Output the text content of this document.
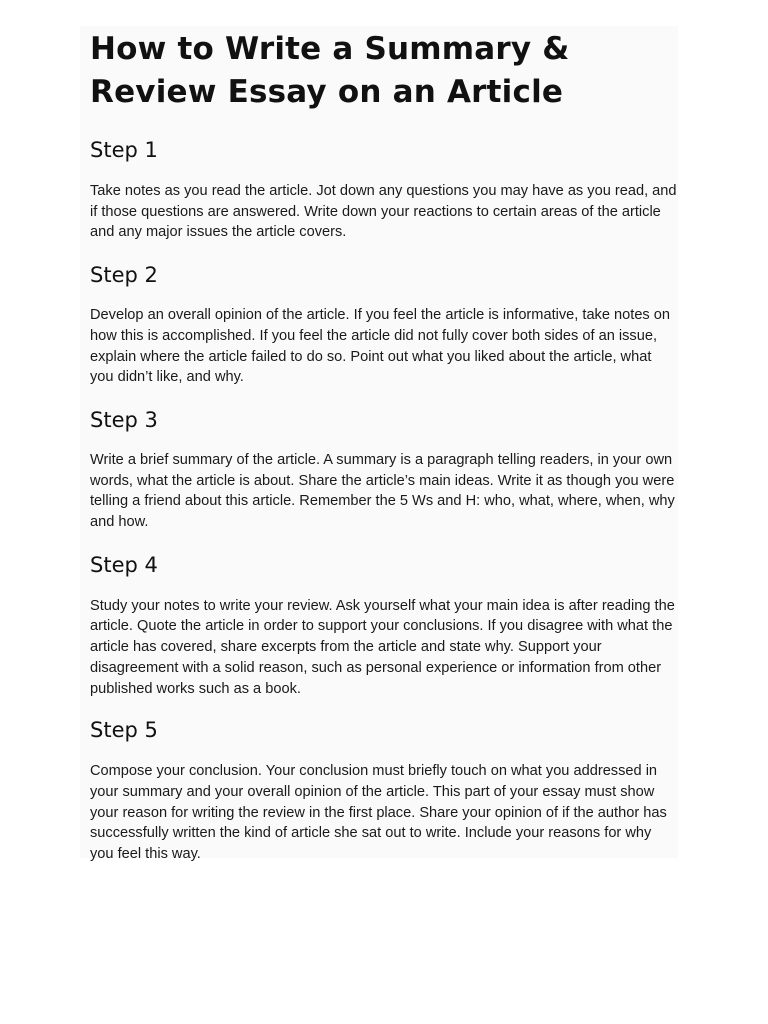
How to Write a Summary & Review Essay on an Article
Step 1

Take notes as you read the article. Jot down any questions you may have as you read, and if those questions are answered. Write down your reactions to certain areas of the article and any major issues the article covers.

Step 2

Develop an overall opinion of the article. If you feel the article is informative, take notes on how this is accomplished. If you feel the article did not fully cover both sides of an issue, explain where the article failed to do so. Point out what you liked about the article, what you didn’t like, and why.

Step 3

Write a brief summary of the article. A summary is a paragraph telling readers, in your own words, what the article is about. Share the article’s main ideas. Write it as though you were telling a friend about this article. Remember the 5 Ws and H: who, what, where, when, why and how.

Step 4

Study your notes to write your review. Ask yourself what your main idea is after reading the article. Quote the article in order to support your conclusions. If you disagree with what the article has covered, share excerpts from the article and state why. Support your disagreement with a solid reason, such as personal experience or information from other published works such as a book.

Step 5

Compose your conclusion. Your conclusion must briefly touch on what you addressed in your summary and your overall opinion of the article. This part of your essay must show your reason for writing the review in the first place. Share your opinion of if the author has successfully written the kind of article she sat out to write. Include your reasons for why you feel this way.
